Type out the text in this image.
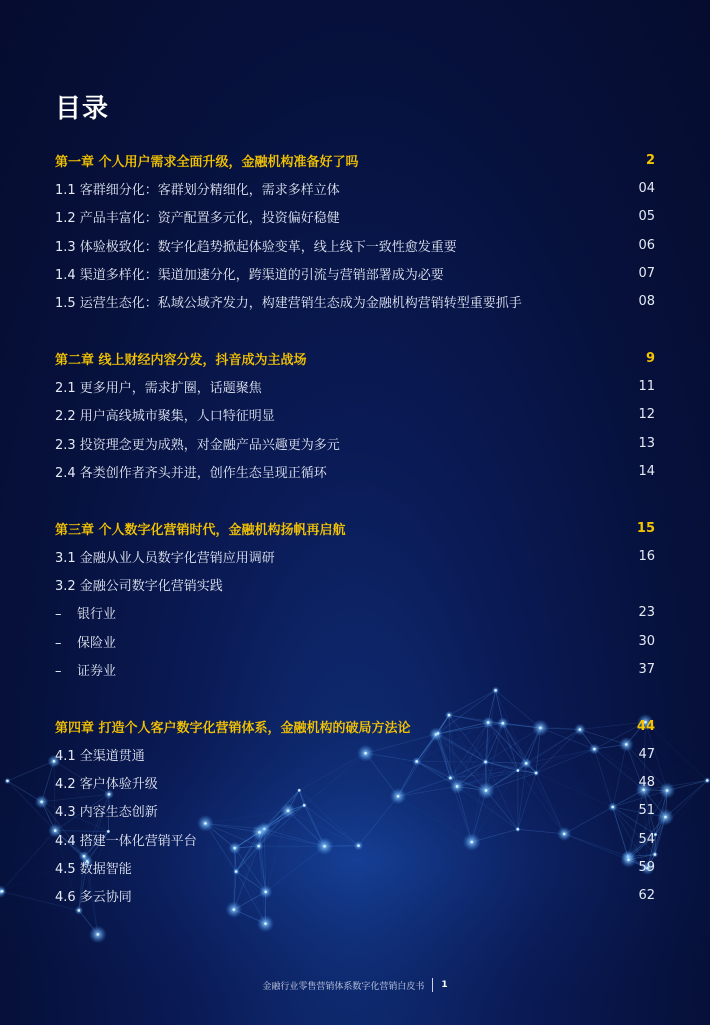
目录
第一章 个人用户需求全面升级，金融机构准备好了吗	2
1.1 客群细分化：客群划分精细化，需求多样立体	04
1.2 产品丰富化：资产配置多元化，投资偏好稳健	05
1.3 体验极致化：数字化趋势掀起体验变革，线上线下一致性愈发重要	06
1.4 渠道多样化：渠道加速分化，跨渠道的引流与营销部署成为必要	07
1.5 运营生态化：私域公域齐发力，构建营销生态成为金融机构营销转型重要抓手	08
第二章 线上财经内容分发，抖音成为主战场	9
2.1 更多用户，需求扩圈，话题聚焦	11
2.2 用户高线城市聚集，人口特征明显	12
2.3 投资理念更为成熟，对金融产品兴趣更为多元	13
2.4 各类创作者齐头并进，创作生态呈现正循环	14
第三章 个人数字化营销时代，金融机构扬帆再启航	15
3.1 金融从业人员数字化营销应用调研	16
3.2 金融公司数字化营销实践
– 银行业	23
– 保险业	30
– 证券业	37
第四章 打造个人客户数字化营销体系，金融机构的破局方法论	44
4.1 全渠道贯通	47
4.2 客户体验升级	48
4.3 内容生态创新	51
4.4 搭建一体化营销平台	54
4.5 数据智能	59
4.6 多云协同	62
金融行业零售营销体系数字化营销白皮书 1
